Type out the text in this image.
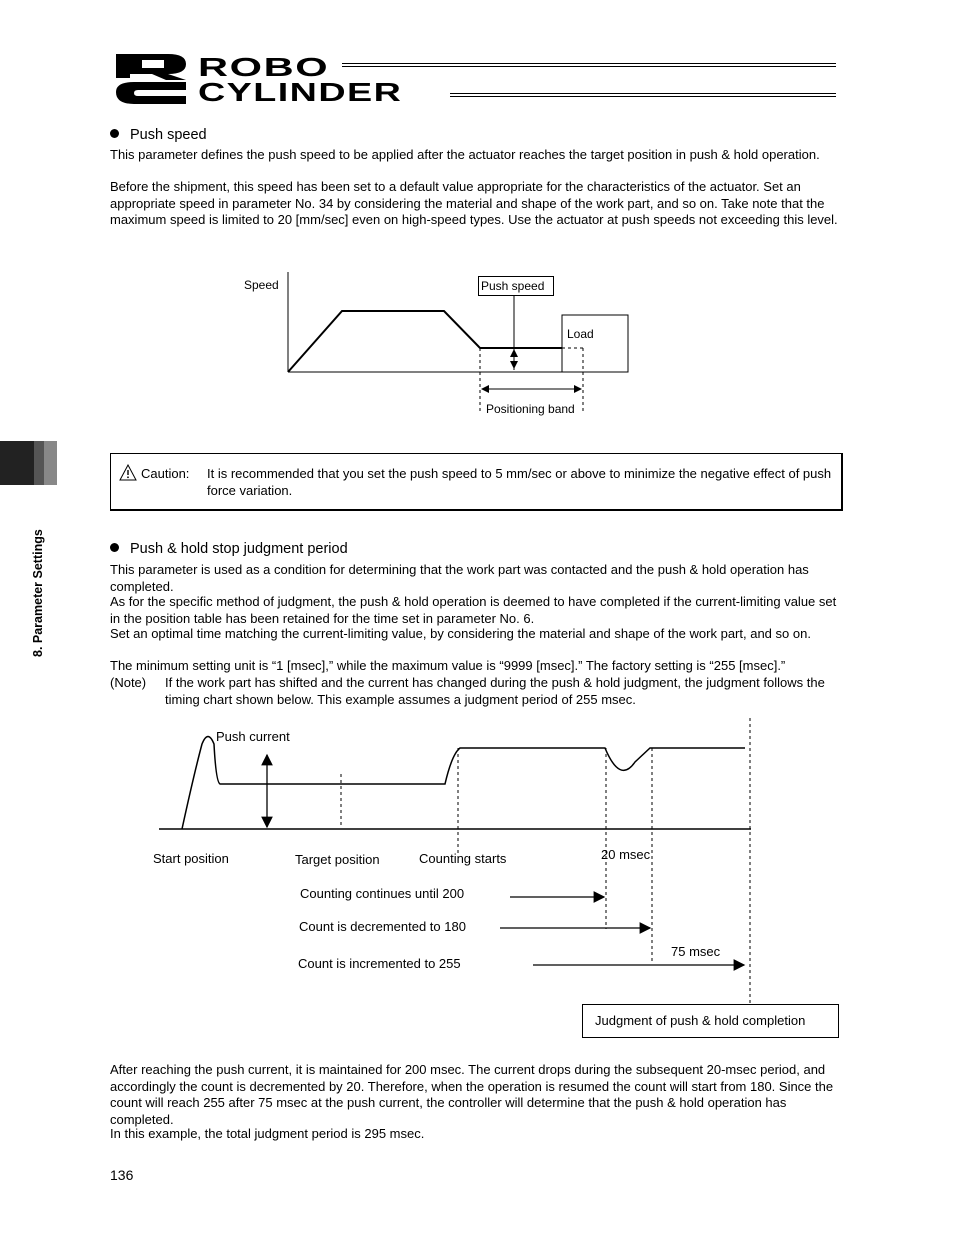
ROBO
CYLINDER
8. Parameter Settings
Push speed

This parameter defines the push speed to be applied after the actuator reaches the target position in push & hold operation.

Before the shipment, this speed has been set to a default value appropriate for the characteristics of the actuator. Set an appropriate speed in parameter No. 34 by considering the material and shape of the work part, and so on. Take note that the maximum speed is limited to 20 [mm/sec] even on high-speed types. Use the actuator at push speeds not exceeding this level.

Speed	Push speed
Load
Positioning band
Caution: It is recommended that you set the push speed to 5 mm/sec or above to minimize the negative effect of push force variation.
Push & hold stop judgment period

This parameter is used as a condition for determining that the work part was contacted and the push & hold operation has completed.

As for the specific method of judgment, the push & hold operation is deemed to have completed if the current-limiting value set in the position table has been retained for the time set in parameter No. 6.

Set an optimal time matching the current-limiting value, by considering the material and shape of the work part, and so on.

The minimum setting unit is “1 [msec],” while the maximum value is “9999 [msec].” The factory setting is “255 [msec].”

(Note) If the work part has shifted and the current has changed during the push & hold judgment, the judgment follows the timing chart shown below. This example assumes a judgment period of 255 msec.
Push current
Start position	Target position	Counting starts	20 msec
Counting continues until 200
Count is decremented to 180
75 msec
Count is incremented to 255
Judgment of push & hold completion

After reaching the push current, it is maintained for 200 msec. The current drops during the subsequent 20-msec period, and accordingly the count is decremented by 20. Therefore, when the operation is resumed the count will start from 180. Since the count will reach 255 after 75 msec at the push current, the controller will determine that the push & hold operation has completed.

In this example, the total judgment period is 295 msec.

136
